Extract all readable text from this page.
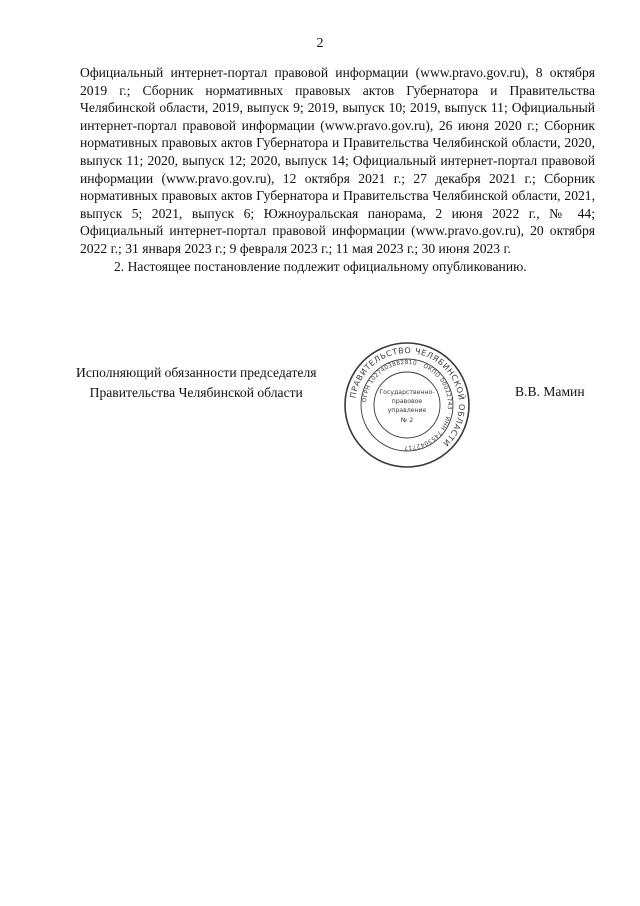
2

Официальный интернет-портал правовой информации (www.pravo.gov.ru), 8 октября 2019 г.; Сборник нормативных правовых актов Губернатора и Правительства Челябинской области, 2019, выпуск 9; 2019, выпуск 10; 2019, выпуск 11; Официальный интернет-портал правовой информации (www.pravo.gov.ru), 26 июня 2020 г.; Сборник нормативных правовых актов Губернатора и Правительства Челябинской области, 2020, выпуск 11; 2020, выпуск 12; 2020, выпуск 14; Официальный интернет-портал правовой информации (www.pravo.gov.ru), 12 октября 2021 г.; 27 декабря 2021 г.; Сборник нормативных правовых актов Губернатора и Правительства Челябинской области, 2021, выпуск 5; 2021, выпуск 6; Южноуральская панорама, 2 июня 2022 г., № 44; Официальный интернет-портал правовой информации (www.pravo.gov.ru), 20 октября 2022 г.; 31 января 2023 г.; 9 февраля 2023 г.; 11 мая 2023 г.; 30 июня 2023 г.

2. Настоящее постановление подлежит официальному опубликованию.

Исполняющий обязанности председателя
Правительства Челябинской области	ПРАВИТЕЛЬСТВО ЧЕЛЯБИНСКОЙ ОБЛАСТИ
ОГРН 1027403882810 · ОКПО 00022743 · ИНН 7453042717
Государственно-
правовое
управление
№ 2
В.В. Мамин
